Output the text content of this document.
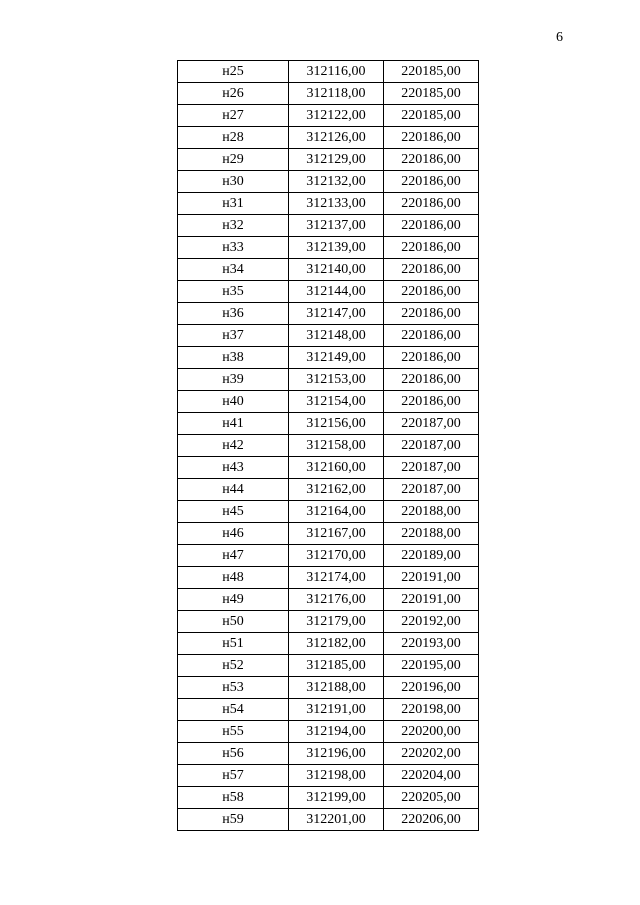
6
н25	312116,00	220185,00
н26	312118,00	220185,00
н27	312122,00	220185,00
н28	312126,00	220186,00
н29	312129,00	220186,00
н30	312132,00	220186,00
н31	312133,00	220186,00
н32	312137,00	220186,00
н33	312139,00	220186,00
н34	312140,00	220186,00
н35	312144,00	220186,00
н36	312147,00	220186,00
н37	312148,00	220186,00
н38	312149,00	220186,00
н39	312153,00	220186,00
н40	312154,00	220186,00
н41	312156,00	220187,00
н42	312158,00	220187,00
н43	312160,00	220187,00
н44	312162,00	220187,00
н45	312164,00	220188,00
н46	312167,00	220188,00
н47	312170,00	220189,00
н48	312174,00	220191,00
н49	312176,00	220191,00
н50	312179,00	220192,00
н51	312182,00	220193,00
н52	312185,00	220195,00
н53	312188,00	220196,00
н54	312191,00	220198,00
н55	312194,00	220200,00
н56	312196,00	220202,00
н57	312198,00	220204,00
н58	312199,00	220205,00
н59	312201,00	220206,00
